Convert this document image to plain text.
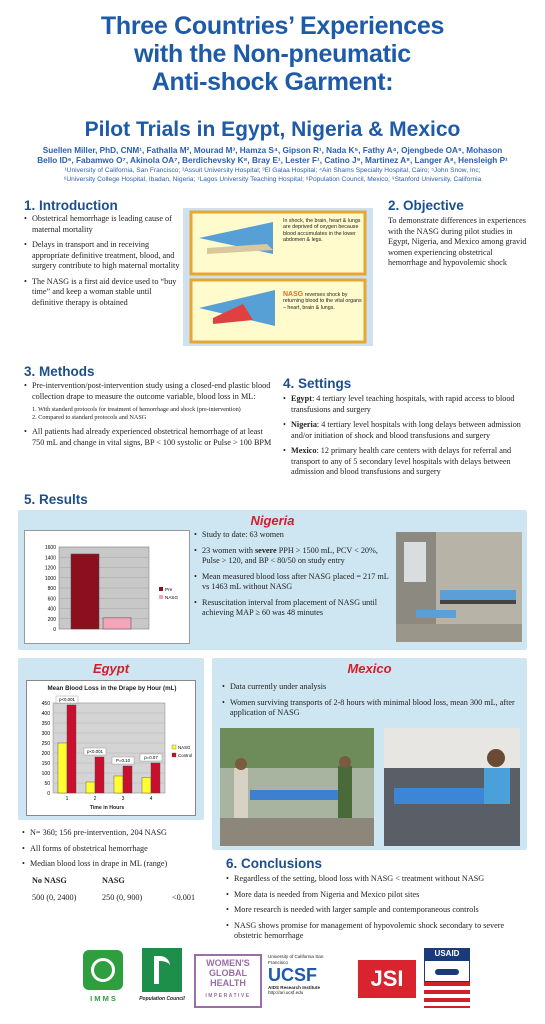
Three Countries’ Experiences
with the Non-pneumatic
Anti-shock Garment:
Pilot Trials in Egypt, Nigeria & Mexico
Suellen Miller, PhD, CNM¹, Fathalla M², Mourad M³, Hamza S⁴, Gipson R¹, Nada K⁵, Fathy A⁴, Ojengbede OA⁶, Mohason
Bello ID⁶, Fabamwo O⁷, Akinola OA⁷, Berdichevsky K⁸, Bray E¹, Lester F¹, Catino J⁹, Martinez A⁸, Langer A⁸, Hensleigh P¹
¹University of California, San Francisco; ²Assuit University Hospital; ³El Galaa Hospital; ⁴Ain Shams Specialty Hospital, Cairo; ⁵John Snow, Inc;
⁶University College Hospital, Ibadan, Nigeria; ⁷Lagos University Teaching Hospital; ⁸Population Council, Mexico; ⁹Stanford University, California
1. Introduction
• Obstetrical hemorrhage is leading cause of maternal mortality
• Delays in transport and in receiving appropriate definitive treatment, blood, and surgery contribute to high maternal mortality
• The NASG is a first aid device used to “buy time” and keep a woman stable until definitive therapy is obtained
In shock, the brain, heart & lungs are deprived of oxygen because blood accumulates in the lower abdomen & legs.
NASG reverses shock by returning blood to the vital organs – heart, brain & lungs.
2. Objective
To demonstrate differences in experiences with the NASG during pilot studies in Egypt, Nigeria, and Mexico among gravid women experiencing obstetrical hemorrhage and hypovolemic shock
3. Methods
• Pre-intervention/post-intervention study using a closed-end plastic blood collection drape to measure the outcome variable, blood loss in ML:
1. With standard protocols for treatment of hemorrhage and shock (pre-intervention)
2. Compared to standard protocols and NASG
• All patients had already experienced obstetrical hemorrhage of at least 750 mL and change in vital signs, BP < 100 systolic or Pulse > 100 BPM
4. Settings
• Egypt: 4 tertiary level teaching hospitals, with rapid access to blood transfusions and surgery
• Nigeria: 4 tertiary level hospitals with long delays between admission and/or initiation of shock and blood transfusions and surgery
• Mexico: 12 primary health care centers with delays for referral and transport to any of 5 secondary level hospitals with delays between admission and blood transfusions and surgery
5. Results
Nigeria
0
200
400
600
800
1000
1200
1400
1600
Pre
NASG
• Study to date: 63 women
• 23 women with severe PPH > 1500 mL, PCV < 20%, Pulse > 120, and BP < 80/50 on study entry
• Mean measured blood loss after NASG placed = 217 mL vs 1463 mL without NASG
• Resuscitation interval from placement of NASG until achieving MAP ≥ 60 was 48 minutes
Egypt
Mean Blood Loss in the Drape by Hour (mL)
0
50
100
150
200
250
300
350
400
450
1
p<0.001
2
p<0.001
3
P=0.10
4
p=0.07
NASG
Control
Time in Hours
• N= 360; 156 pre-intervention, 204 NASG
• All forms of obstetrical hemorrhage
• Median blood loss in drape in ML (range)
No NASG	NASG
500 (0, 2400)	250 (0, 900)	<0.001
Mexico
• Data currently under analysis
• Women surviving transports of 2-8 hours with minimal blood loss, mean 300 mL, after application of NASG
6. Conclusions
• Regardless of the setting, blood loss with NASG < treatment without NASG
• More data is needed from Nigeria and Mexico pilot sites
• More research is needed with larger sample and contemporaneous controls
• NASG shows promise for management of hypovolemic shock secondary to severe obstetric hemorrhage
I M M S	Population Council
WOMEN'S
GLOBAL
HEALTH
IMPERATIVE
University of California San Francisco
UCSF
AIDS Research Institute
http://ari.ucsf.edu
JSI
USAID
